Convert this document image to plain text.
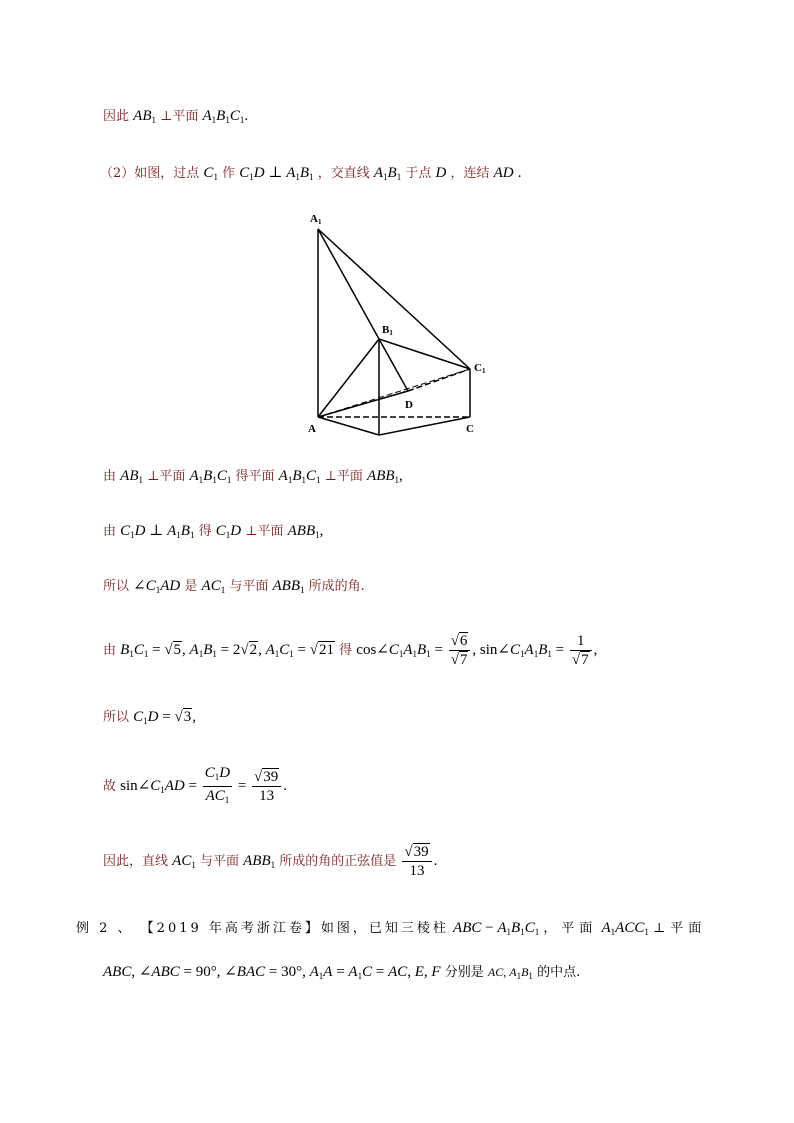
因此 $AB_1$ ⊥平面 $A_1B_1C_1$.
（2）如图，过点 $C_1$ 作 $C_1D$ ⊥ $A_1B_1$ ，交直线 $A_1B_1$ 于点 D ，连结 AD .
A1
B1
C1
D
A	C
由 $AB_1$ ⊥平面 $A_1B_1C_1$ 得平面 $A_1B_1C_1$ ⊥平面 $ABB_1$,
由 $C_1D$ ⊥ $A_1B_1$ 得 $C_1D$ ⊥平面 $ABB_1$,
所以 $\angle C_1AD$ 是 $AC_1$ 与平面 $ABB_1$ 所成的角.
由 $B_1C_1 = √5$, $A_1B_1 = 2√2$, $A_1C_1 = √21$ 得 $\cos\angle C_1A_1B_1 = \frac{√6}{√7}$ , $\sin\angle C_1A_1B_1 = \frac{1}{√7}$ ,
所以 $C_1D = √3$,
故 $\sin\angle C_1AD = \frac{C_1D}{AC_1} = \frac{√39}{13}$ .
因此，直线 $AC_1$ 与平面 $ABB_1$ 所成的角的正弦值是 $\frac{√39}{13}$ .
例 2 、 【2019 年高考浙江卷】如图，已知三棱柱 ABC − $A_1B_1C_1$ ，平面 $A_1ACC_1$ ⊥平面
ABC, ∠ABC = 90°, ∠BAC = 30°, $A_1A = A_1C$ = AC, E, F 分别是 AC, $A_1B_1$ 的中点.
